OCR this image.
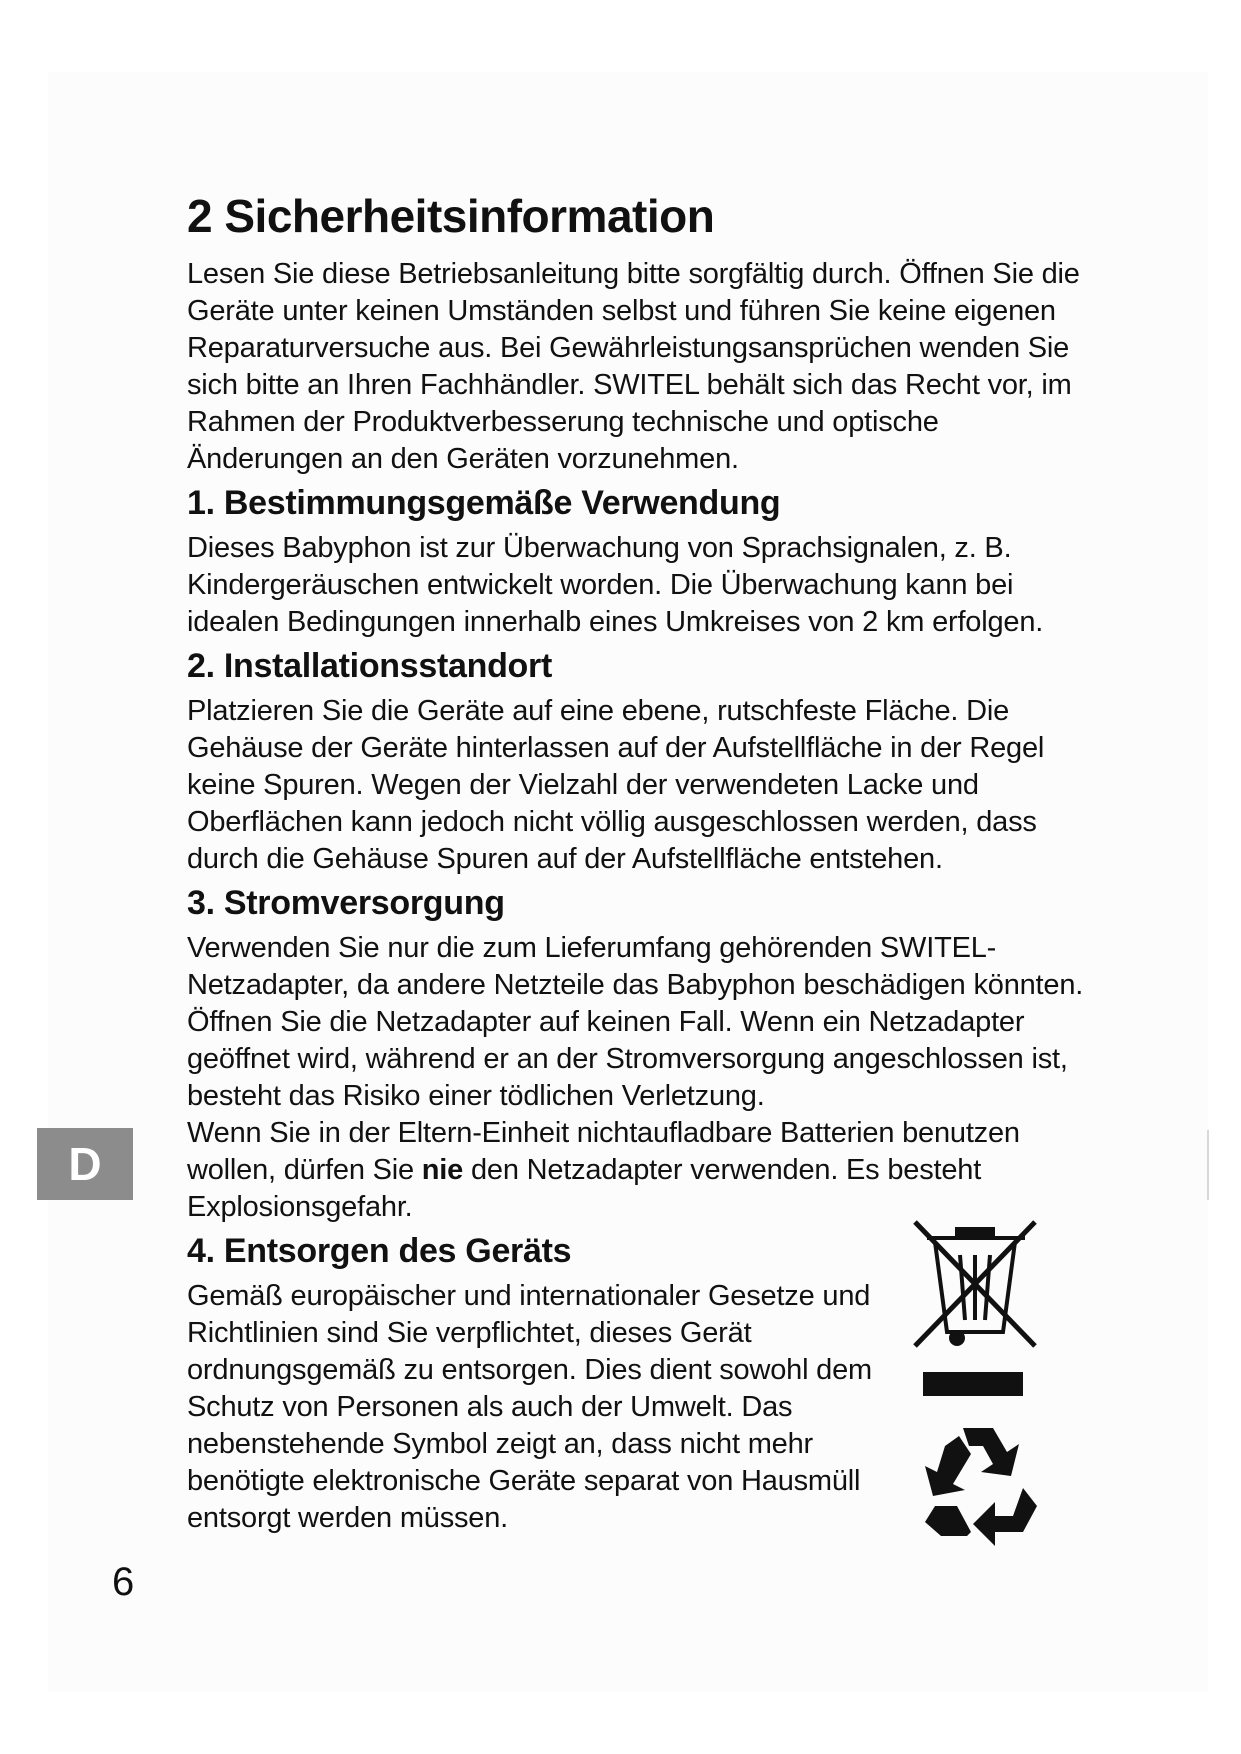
2 Sicherheitsinformation

Lesen Sie diese Betriebsanleitung bitte sorgfältig durch. Öffnen Sie die Geräte unter keinen Umständen selbst und führen Sie keine eigenen Reparaturversuche aus. Bei Gewährleistungsansprüchen wenden Sie sich bitte an Ihren Fachhändler. SWITEL behält sich das Recht vor, im Rahmen der Produktverbesserung technische und optische Änderungen an den Geräten vorzunehmen.

1. Bestimmungsgemäße Verwendung

Dieses Babyphon ist zur Überwachung von Sprachsignalen, z. B. Kindergeräuschen entwickelt worden. Die Überwachung kann bei idealen Bedingungen innerhalb eines Umkreises von 2 km erfolgen.

2. Installationsstandort

Platzieren Sie die Geräte auf eine ebene, rutschfeste Fläche. Die Gehäuse der Geräte hinterlassen auf der Aufstellfläche in der Regel keine Spuren. Wegen der Vielzahl der verwendeten Lacke und Oberflächen kann jedoch nicht völlig ausgeschlossen werden, dass durch die Gehäuse Spuren auf der Aufstellfläche entstehen.

3. Stromversorgung

Verwenden Sie nur die zum Lieferumfang gehörenden SWITEL-Netzadapter, da andere Netzteile das Babyphon beschädigen könnten. Öffnen Sie die Netzadapter auf keinen Fall. Wenn ein Netzadapter geöffnet wird, während er an der Stromversorgung angeschlossen ist, besteht das Risiko einer tödlichen Verletzung.

Wenn Sie in der Eltern-Einheit nichtaufladbare Batterien benutzen wollen, dürfen Sie nie den Netzadapter verwenden. Es besteht Explosionsgefahr.

4. Entsorgen des Geräts

Gemäß europäischer und internationaler Gesetze und Richtlinien sind Sie verpflichtet, dieses Gerät ordnungsgemäß zu entsorgen. Dies dient sowohl dem Schutz von Personen als auch der Umwelt. Das nebenstehende Symbol zeigt an, dass nicht mehr benötigte elektronische Geräte separat von Hausmüll entsorgt werden müssen.

D
6
